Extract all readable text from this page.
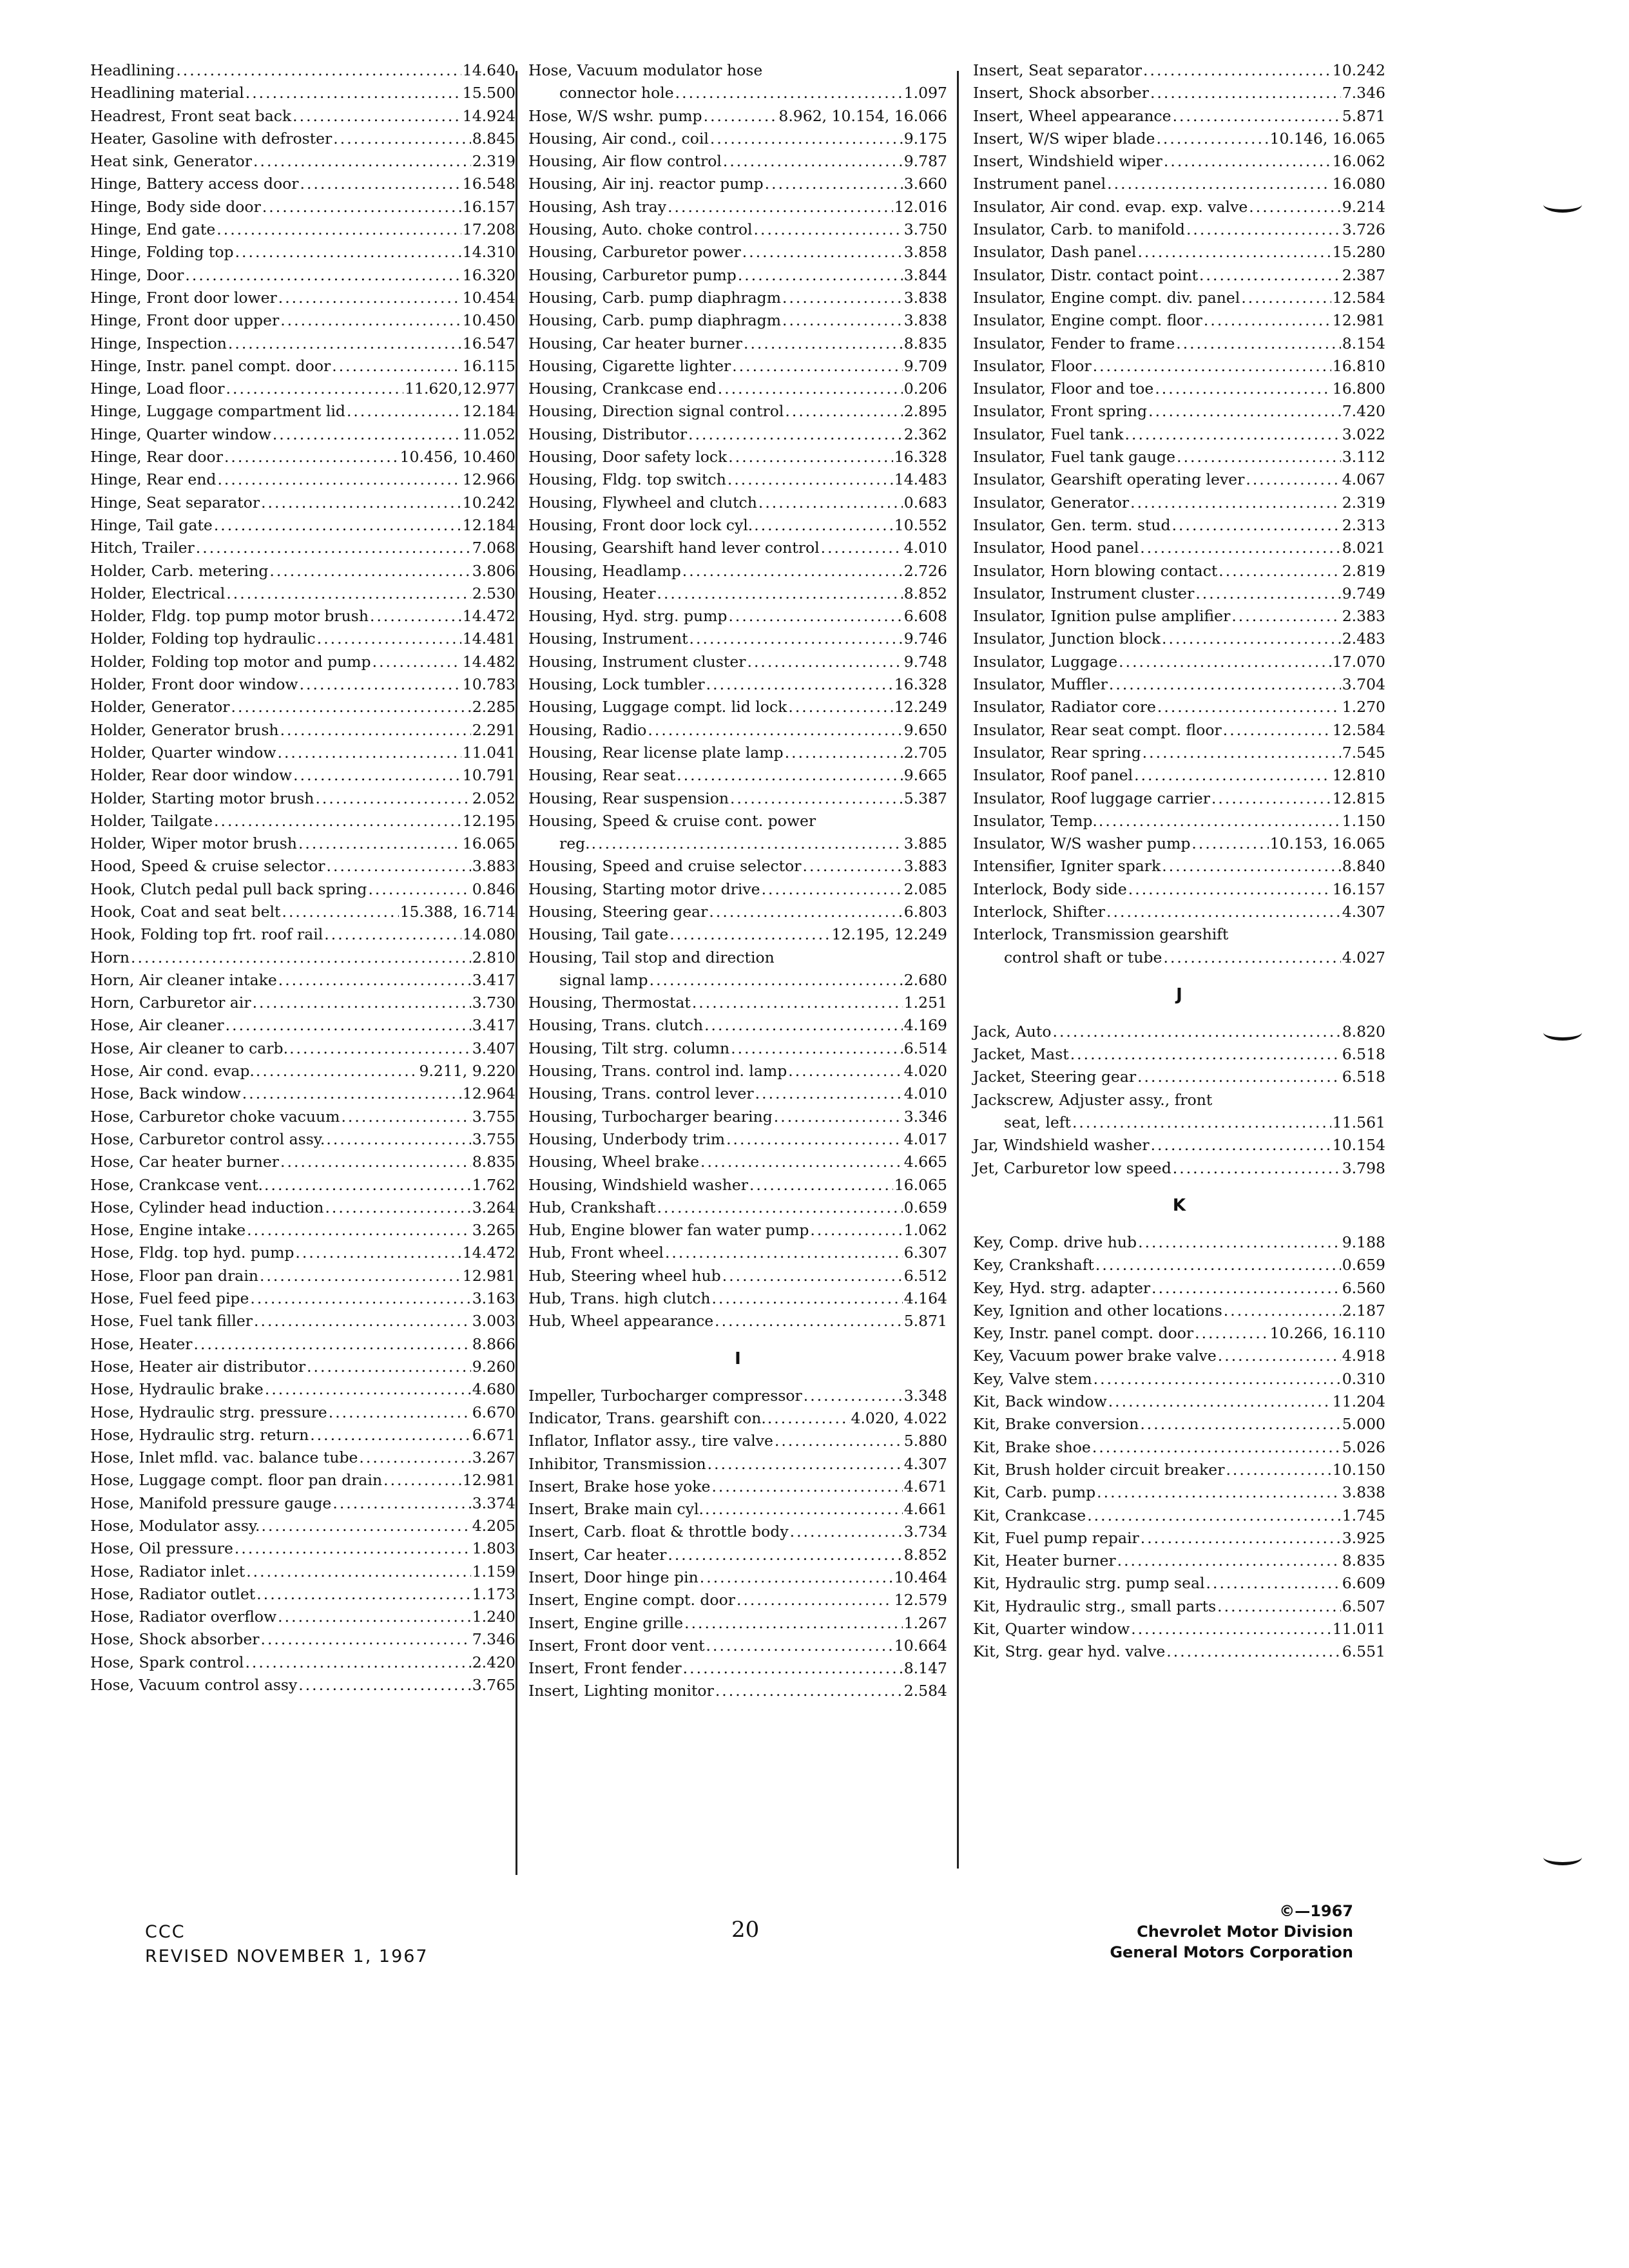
Headlining .....	14.640
Headlining material .....	15.500
Headrest, Front seat back .....	14.924
Heater, Gasoline with defroster .....	8.845
Heat sink, Generator .....	2.319
Hinge, Battery access door .....	16.548
Hinge, Body side door .....	16.157
Hinge, End gate .....	17.208
Hinge, Folding top .....	14.310
Hinge, Door .....	16.320
Hinge, Front door lower .....	10.454
Hinge, Front door upper .....	10.450
Hinge, Inspection .....	16.547
Hinge, Instr. panel compt. door .....	16.115
Hinge, Load floor .....	11.620,12.977
Hinge, Luggage compartment lid .....	12.184
Hinge, Quarter window .....	11.052
Hinge, Rear door .....	10.456, 10.460
Hinge, Rear end .....	12.966
Hinge, Seat separator .....	10.242
Hinge, Tail gate .....	12.184
Hitch, Trailer .....	7.068
Holder, Carb. metering .....	3.806
Holder, Electrical .....	2.530
Holder, Fldg. top pump motor brush .....	14.472
Holder, Folding top hydraulic .....	14.481
Holder, Folding top motor and pump .....	14.482
Holder, Front door window .....	10.783
Holder, Generator .....	2.285
Holder, Generator brush .....	2.291
Holder, Quarter window .....	11.041
Holder, Rear door window .....	10.791
Holder, Starting motor brush .....	2.052
Holder, Tailgate .....	12.195
Holder, Wiper motor brush .....	16.065
Hood, Speed & cruise selector .....	3.883
Hook, Clutch pedal pull back spring .....	0.846
Hook, Coat and seat belt .....	15.388, 16.714
Hook, Folding top frt. roof rail .....	14.080
Horn .....	2.810
Horn, Air cleaner intake .....	3.417
Horn, Carburetor air .....	3.730
Hose, Air cleaner .....	3.417
Hose, Air cleaner to carb. .....	3.407
Hose, Air cond. evap. .....	9.211, 9.220
Hose, Back window .....	12.964
Hose, Carburetor choke vacuum .....	3.755
Hose, Carburetor control assy. .....	3.755
Hose, Car heater burner .....	8.835
Hose, Crankcase vent. .....	1.762
Hose, Cylinder head induction .....	3.264
Hose, Engine intake .....	3.265
Hose, Fldg. top hyd. pump .....	14.472
Hose, Floor pan drain .....	12.981
Hose, Fuel feed pipe .....	3.163
Hose, Fuel tank filler .....	3.003
Hose, Heater .....	8.866
Hose, Heater air distributor .....	9.260
Hose, Hydraulic brake .....	4.680
Hose, Hydraulic strg. pressure .....	6.670
Hose, Hydraulic strg. return .....	6.671
Hose, Inlet mfld. vac. balance tube .....	3.267
Hose, Luggage compt. floor pan drain .....	12.981
Hose, Manifold pressure gauge .....	3.374
Hose, Modulator assy. .....	4.205
Hose, Oil pressure .....	1.803
Hose, Radiator inlet .....	1.159
Hose, Radiator outlet .....	1.173
Hose, Radiator overflow .....	1.240
Hose, Shock absorber .....	7.346
Hose, Spark control .....	2.420
Hose, Vacuum control assy .....	3.765
Hose, Vacuum modulator hose
connector hole .....	1.097
Hose, W/S wshr. pump .....	8.962, 10.154, 16.066
Housing, Air cond., coil .....	9.175
Housing, Air flow control .....	9.787
Housing, Air inj. reactor pump .....	3.660
Housing, Ash tray .....	12.016
Housing, Auto. choke control .....	3.750
Housing, Carburetor power .....	3.858
Housing, Carburetor pump .....	3.844
Housing, Carb. pump diaphragm .....	3.838
Housing, Carb. pump diaphragm .....	3.838
Housing, Car heater burner .....	8.835
Housing, Cigarette lighter .....	9.709
Housing, Crankcase end .....	0.206
Housing, Direction signal control .....	2.895
Housing, Distributor .....	2.362
Housing, Door safety lock .....	16.328
Housing, Fldg. top switch .....	14.483
Housing, Flywheel and clutch .....	0.683
Housing, Front door lock cyl. .....	10.552
Housing, Gearshift hand lever control .....	4.010
Housing, Headlamp .....	2.726
Housing, Heater .....	8.852
Housing, Hyd. strg. pump .....	6.608
Housing, Instrument .....	9.746
Housing, Instrument cluster .....	9.748
Housing, Lock tumbler .....	16.328
Housing, Luggage compt. lid lock .....	12.249
Housing, Radio .....	9.650
Housing, Rear license plate lamp .....	2.705
Housing, Rear seat .....	9.665
Housing, Rear suspension .....	5.387
Housing, Speed & cruise cont. power
reg. .....	3.885
Housing, Speed and cruise selector .....	3.883
Housing, Starting motor drive .....	2.085
Housing, Steering gear .....	6.803
Housing, Tail gate .....	12.195, 12.249
Housing, Tail stop and direction
signal lamp .....	2.680
Housing, Thermostat .....	1.251
Housing, Trans. clutch .....	4.169
Housing, Tilt strg. column .....	6.514
Housing, Trans. control ind. lamp .....	4.020
Housing, Trans. control lever .....	4.010
Housing, Turbocharger bearing .....	3.346
Housing, Underbody trim .....	4.017
Housing, Wheel brake .....	4.665
Housing, Windshield washer .....	16.065
Hub, Crankshaft .....	0.659
Hub, Engine blower fan water pump .....	1.062
Hub, Front wheel .....	6.307
Hub, Steering wheel hub .....	6.512
Hub, Trans. high clutch .....	4.164
Hub, Wheel appearance .....	5.871
I
Impeller, Turbocharger compressor .....	3.348
Indicator, Trans. gearshift con. .....	4.020, 4.022
Inflator, Inflator assy., tire valve .....	5.880
Inhibitor, Transmission .....	4.307
Insert, Brake hose yoke .....	4.671
Insert, Brake main cyl. .....	4.661
Insert, Carb. float & throttle body .....	3.734
Insert, Car heater .....	8.852
Insert, Door hinge pin .....	10.464
Insert, Engine compt. door .....	12.579
Insert, Engine grille .....	1.267
Insert, Front door vent .....	10.664
Insert, Front fender .....	8.147
Insert, Lighting monitor .....	2.584
Insert, Seat separator .....	10.242
Insert, Shock absorber .....	7.346
Insert, Wheel appearance .....	5.871
Insert, W/S wiper blade .....	10.146, 16.065
Insert, Windshield wiper .....	16.062
Instrument panel .....	16.080
Insulator, Air cond. evap. exp. valve .....	9.214
Insulator, Carb. to manifold .....	3.726
Insulator, Dash panel .....	15.280
Insulator, Distr. contact point .....	2.387
Insulator, Engine compt. div. panel .....	12.584
Insulator, Engine compt. floor .....	12.981
Insulator, Fender to frame .....	8.154
Insulator, Floor .....	16.810
Insulator, Floor and toe .....	16.800
Insulator, Front spring .....	7.420
Insulator, Fuel tank .....	3.022
Insulator, Fuel tank gauge .....	3.112
Insulator, Gearshift operating lever .....	4.067
Insulator, Generator .....	2.319
Insulator, Gen. term. stud .....	2.313
Insulator, Hood panel .....	8.021
Insulator, Horn blowing contact .....	2.819
Insulator, Instrument cluster .....	9.749
Insulator, Ignition pulse amplifier .....	2.383
Insulator, Junction block .....	2.483
Insulator, Luggage .....	17.070
Insulator, Muffler .....	3.704
Insulator, Radiator core .....	1.270
Insulator, Rear seat compt. floor .....	12.584
Insulator, Rear spring .....	7.545
Insulator, Roof panel .....	12.810
Insulator, Roof luggage carrier .....	12.815
Insulator, Temp. .....	1.150
Insulator, W/S washer pump .....	10.153, 16.065
Intensifier, Igniter spark .....	8.840
Interlock, Body side .....	16.157
Interlock, Shifter .....	4.307
Interlock, Transmission gearshift
control shaft or tube .....	4.027
J
Jack, Auto .....	8.820
Jacket, Mast .....	6.518
Jacket, Steering gear .....	6.518
Jackscrew, Adjuster assy., front
seat, left .....	11.561
Jar, Windshield washer .....	10.154
Jet, Carburetor low speed .....	3.798
K
Key, Comp. drive hub .....	9.188
Key, Crankshaft .....	0.659
Key, Hyd. strg. adapter .....	6.560
Key, Ignition and other locations .....	2.187
Key, Instr. panel compt. door .....	10.266, 16.110
Key, Vacuum power brake valve .....	4.918
Key, Valve stem .....	0.310
Kit, Back window .....	11.204
Kit, Brake conversion .....	5.000
Kit, Brake shoe .....	5.026
Kit, Brush holder circuit breaker .....	10.150
Kit, Carb. pump .....	3.838
Kit, Crankcase .....	1.745
Kit, Fuel pump repair .....	3.925
Kit, Heater burner .....	8.835
Kit, Hydraulic strg. pump seal .....	6.609
Kit, Hydraulic strg., small parts .....	6.507
Kit, Quarter window .....	11.011
Kit, Strg. gear hyd. valve .....	6.551
CCC
REVISED NOVEMBER 1, 1967
20
©—1967
Chevrolet Motor Division
General Motors Corporation
